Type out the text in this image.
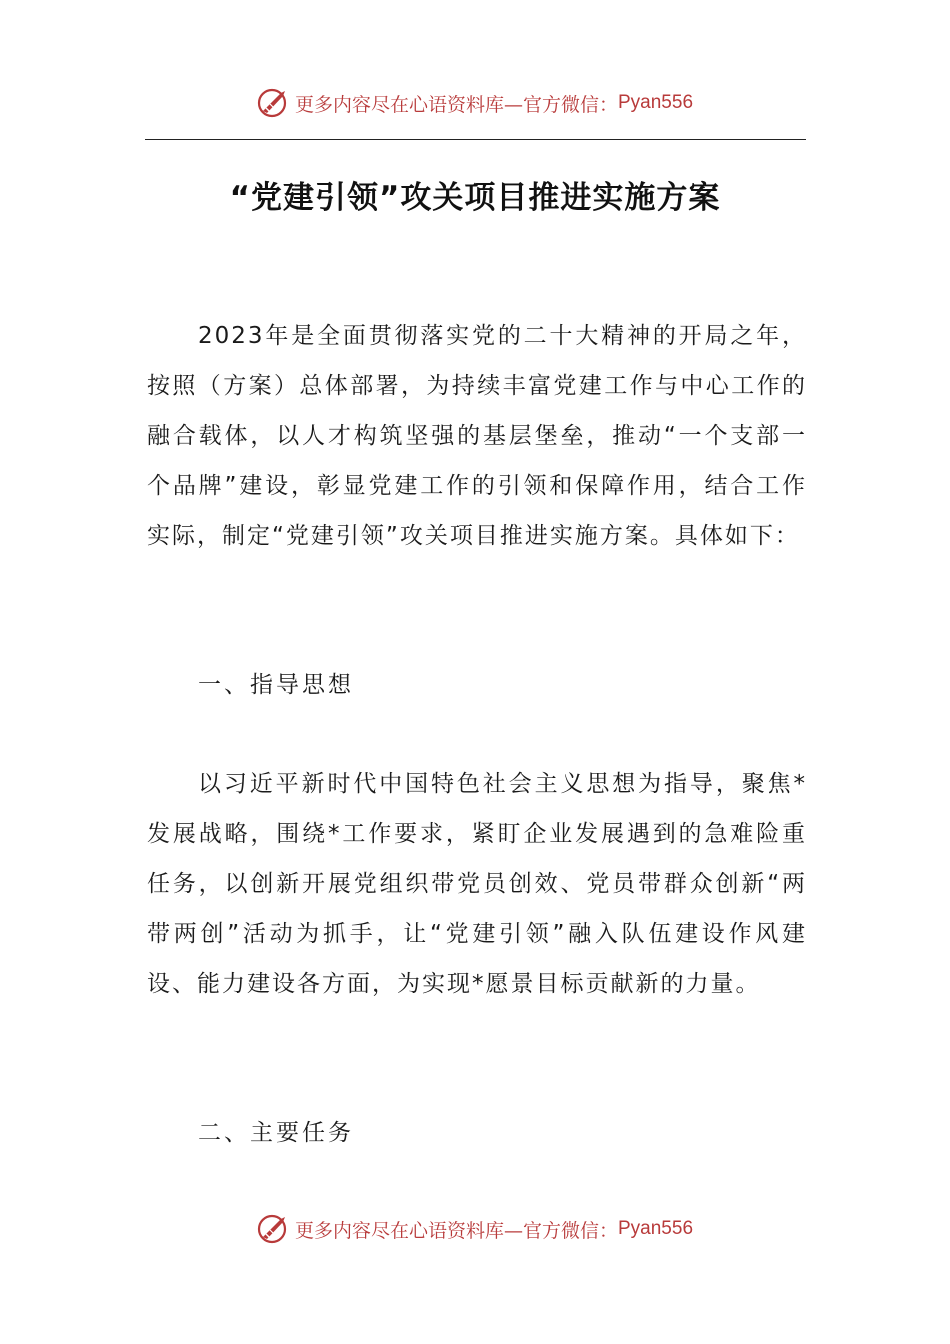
更多内容尽在心语资料库—官方微信： Pyan556
“党建引领”攻关项目推进实施方案
2023年是全面贯彻落实党的二十大精神的开局之年，按照（方案）总体部署，为持续丰富党建工作与中心工作的融合载体，以人才构筑坚强的基层堡垒，推动“一个支部一个品牌”建设，彰显党建工作的引领和保障作用，结合工作实际，制定“党建引领”攻关项目推进实施方案。具体如下：
一、指导思想
以习近平新时代中国特色社会主义思想为指导，聚焦*发展战略，围绕*工作要求，紧盯企业发展遇到的急难险重任务，以创新开展党组织带党员创效、党员带群众创新“两带两创”活动为抓手，让“党建引领”融入队伍建设作风建设、能力建设各方面，为实现*愿景目标贡献新的力量。
二、主要任务
更多内容尽在心语资料库—官方微信： Pyan556
